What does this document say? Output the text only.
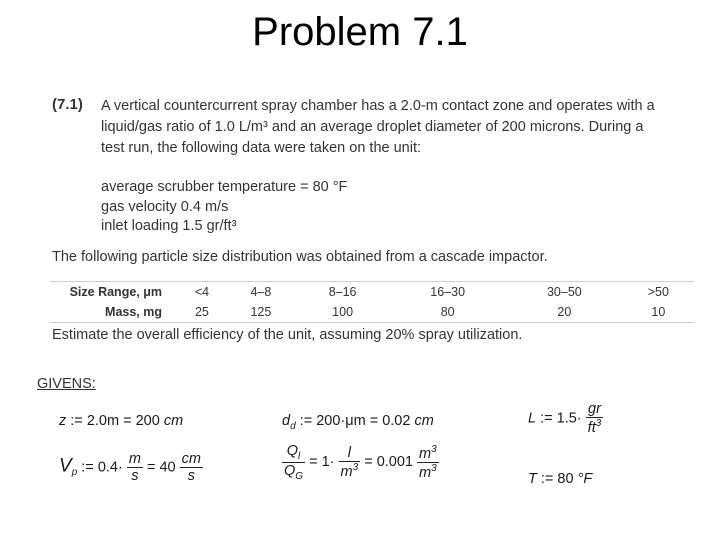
Problem 7.1
(7.1) A vertical countercurrent spray chamber has a 2.0-m contact zone and operates with a
liquid/gas ratio of 1.0 L/m³ and an average droplet diameter of 200 microns. During a
test run, the following data were taken on the unit:
average scrubber temperature = 80 °F
gas velocity 0.4 m/s
inlet loading 1.5 gr/ft³
The following particle size distribution was obtained from a cascade impactor.
Size Range, μm	<4	4–8	8–16	16–30	30–50	>50
Mass, mg	25	125	100	80	20	10
Estimate the overall efficiency of the unit, assuming 20% spray utilization.
GIVENS:
z := 2.0m = 200 cm	$d_d$ := 200·μm = 0.02 cm	L := $1.5\cdot \frac{gr}{ft^3}$
$V_p$ := $0.4\cdot \frac{m}{s} = 40 \frac{cm}{s}$	$\frac{Q_l}{Q_G} = 1\cdot \frac{l}{m^3} = 0.001 \frac{m^3}{m^3}$	T := 80 °F
